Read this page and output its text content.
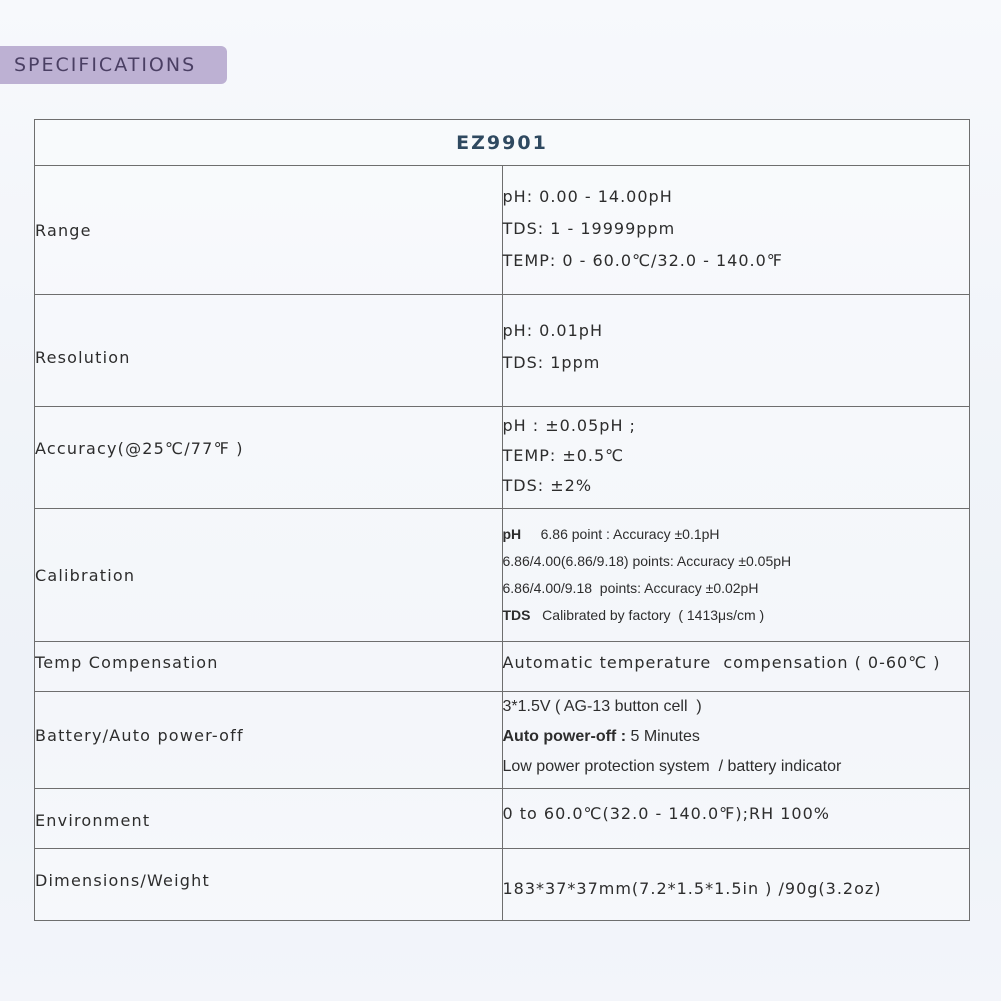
SPECIFICATIONS
EZ9901	
Range	pH: 0.00 - 14.00pH
TDS: 1 - 19999ppm
TEMP: 0 - 60.0℃/32.0 - 140.0℉

Resolution	pH: 0.01pH
TDS: 1ppm

Accuracy(@25℃/77℉ )	pH : ±0.05pH ;
TEMP: ±0.5℃
TDS: ±2%

Calibration	pH     6.86 point : Accuracy ±0.1pH
6.86/4.00(6.86/9.18) points: Accuracy ±0.05pH
6.86/4.00/9.18  points: Accuracy ±0.02pH
TDS   Calibrated by factory  ( 1413μs/cm )

Temp Compensation	Automatic temperature  compensation ( 0-60℃ )

Battery/Auto power-off	3*1.5V ( AG-13 button cell  )
Auto power-off : 5 Minutes
Low power protection system  / battery indicator

Environment	0 to 60.0℃(32.0 - 140.0℉);RH 100%

Dimensions/Weight	183*37*37mm(7.2*1.5*1.5in ) /90g(3.2oz)
